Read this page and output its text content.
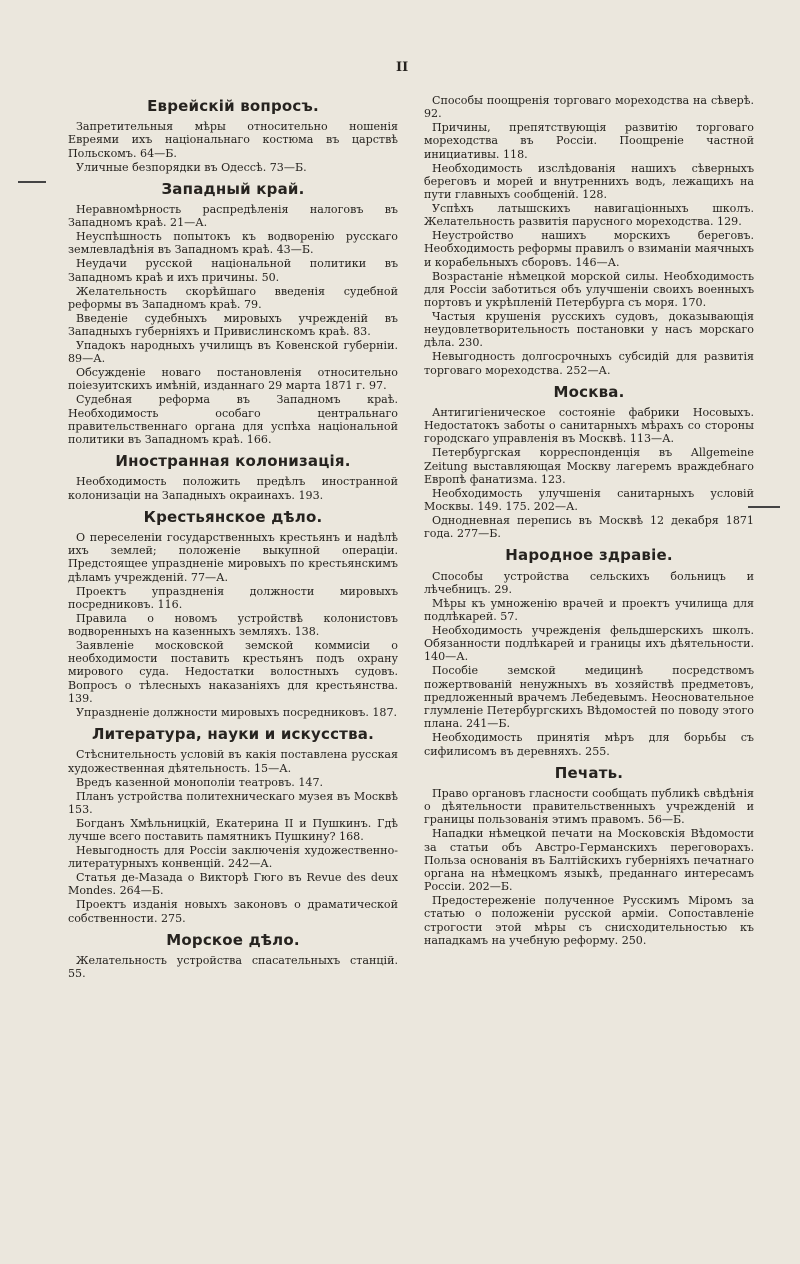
II
Еврейскій вопросъ.
Запретительныя мѣры относительно ношенія Евреями ихъ національнаго костюма въ царствѣ Польскомъ. 64—Б.
Уличные безпорядки въ Одессѣ. 73—Б.
Западный край.
Неравномѣрность распредѣленія налоговъ въ Западномъ краѣ. 21—А.
Неуспѣшность попытокъ къ водворенію русскаго землевладѣнія въ Западномъ краѣ. 43—Б.
Неудачи русской національной политики въ Западномъ краѣ и ихъ причины. 50.
Желательность скорѣйшаго введенія судебной реформы въ Западномъ краѣ. 79.
Введеніе судебныхъ мировыхъ учрежденій въ Западныхъ губерніяхъ и Привислинскомъ краѣ. 83.
Упадокъ народныхъ училищъ въ Ковенской губерніи. 89—А.
Обсужденіе новаго постановленія относительно поіезуитскихъ имѣній, изданнаго 29 марта 1871 г. 97.
Судебная реформа въ Западномъ краѣ. Необходимость особаго центральнаго правительственнаго органа для успѣха національной политики въ Западномъ краѣ. 166.
Иностранная колонизація.
Необходимость положить предѣлъ иностранной колонизаціи на Западныхъ окраинахъ. 193.
Крестьянское дѣло.
О переселеніи государственныхъ крестьянъ и надѣлѣ ихъ землей; положеніе выкупной операціи. Предстоящее упраздненіе мировыхъ по крестьянскимъ дѣламъ учрежденій. 77—А.
Проектъ упраздненія должности мировыхъ посредниковъ. 116.
Правила о новомъ устройствѣ колонистовъ водворенныхъ на казенныхъ земляхъ. 138.
Заявленіе московской земской коммисіи о необходимости поставить крестьянъ подъ охрану мирового суда. Недостатки волостныхъ судовъ. Вопросъ о тѣлесныхъ наказаніяхъ для крестьянства. 139.
Упраздненіе должности мировыхъ посредниковъ. 187.
Литература, науки и искусства.
Стѣснительность условій въ какія поставлена русская художественная дѣятельность. 15—А.
Вредъ казенной монополіи театровъ. 147.
Планъ устройства политехническаго музея въ Москвѣ 153.
Богданъ Хмѣльницкій, Екатерина II и Пушкинъ. Гдѣ лучше всего поставить памятникъ Пушкину? 168.
Невыгодность для Россіи заключенія художественно-литературныхъ конвенцій. 242—А.
Статья де-Мазада о Викторѣ Гюго въ Revue des deux Mondes. 264—Б.
Проектъ изданія новыхъ законовъ о драматической собственности. 275.
Морское дѣло.
Желательность устройства спасательныхъ станцій. 55.
Способы поощренія торговаго мореходства на сѣверѣ. 92.
Причины, препятствующія развитію торговаго мореходства въ Россіи. Поощреніе частной инициативы. 118.
Необходимость изслѣдованія нашихъ сѣверныхъ береговъ и морей и внутреннихъ водъ, лежащихъ на пути главныхъ сообщеній. 128.
Успѣхъ латышскихъ навигаціонныхъ школъ. Желательность развитія парусного мореходства. 129.
Неустройство нашихъ морскихъ береговъ. Необходимость реформы правилъ о взиманіи маячныхъ и корабельныхъ сборовъ. 146—А.
Возрастаніе нѣмецкой морской силы. Необходимость для Россіи заботиться объ улучшеніи своихъ военныхъ портовъ и укрѣпленій Петербурга съ моря. 170.
Частыя крушенія русскихъ судовъ, доказывающія неудовлетворительность постановки у насъ морскаго дѣла. 230.
Невыгодность долгосрочныхъ субсидій для развитія торговаго мореходства. 252—А.
Москва.
Антигигіеническое состояніе фабрики Носовыхъ. Недостатокъ заботы о санитарныхъ мѣрахъ со стороны городскаго управленія въ Москвѣ. 113—А.
Петербургская корреспонденція въ Allgemeine Zeitung выставляющая Москву лагеремъ враждебнаго Европѣ фанатизма. 123.
Необходимость улучшенія санитарныхъ условій Москвы. 149. 175. 202—А.
Однодневная перепись въ Москвѣ 12 декабря 1871 года. 277—Б.
Народное здравіе.
Способы устройства сельскихъ больницъ и лѣчебницъ. 29.
Мѣры къ умноженію врачей и проектъ училища для подлѣкарей. 57.
Необходимость учрежденія фельдшерскихъ школъ. Обязанности подлѣкарей и границы ихъ дѣятельности. 140—А.
Пособіе земской медицинѣ посредствомъ пожертвованій ненужныхъ въ хозяйствѣ предметовъ, предложенный врачемъ Лебедевымъ. Неосновательное глумленіе Петербургскихъ Вѣдомостей по поводу этого плана. 241—Б.
Необходимость принятія мѣръ для борьбы съ сифилисомъ въ деревняхъ. 255.
Печать.
Право органовъ гласности сообщать публикѣ свѣдѣнія о дѣятельности правительственныхъ учрежденій и границы пользованія этимъ правомъ. 56—Б.
Нападки нѣмецкой печати на Московскія Вѣдомости за статьи объ Австро-Германскихъ переговорахъ. Польза основанія въ Балтійскихъ губерніяхъ печатнаго органа на нѣмецкомъ языкѣ, преданнаго интересамъ Россіи. 202—Б.
Предостереженіе полученное Русскимъ Міромъ за статью о положеніи русской арміи. Сопоставленіе строгости этой мѣры съ снисходительностью къ нападкамъ на учебную реформу. 250.
